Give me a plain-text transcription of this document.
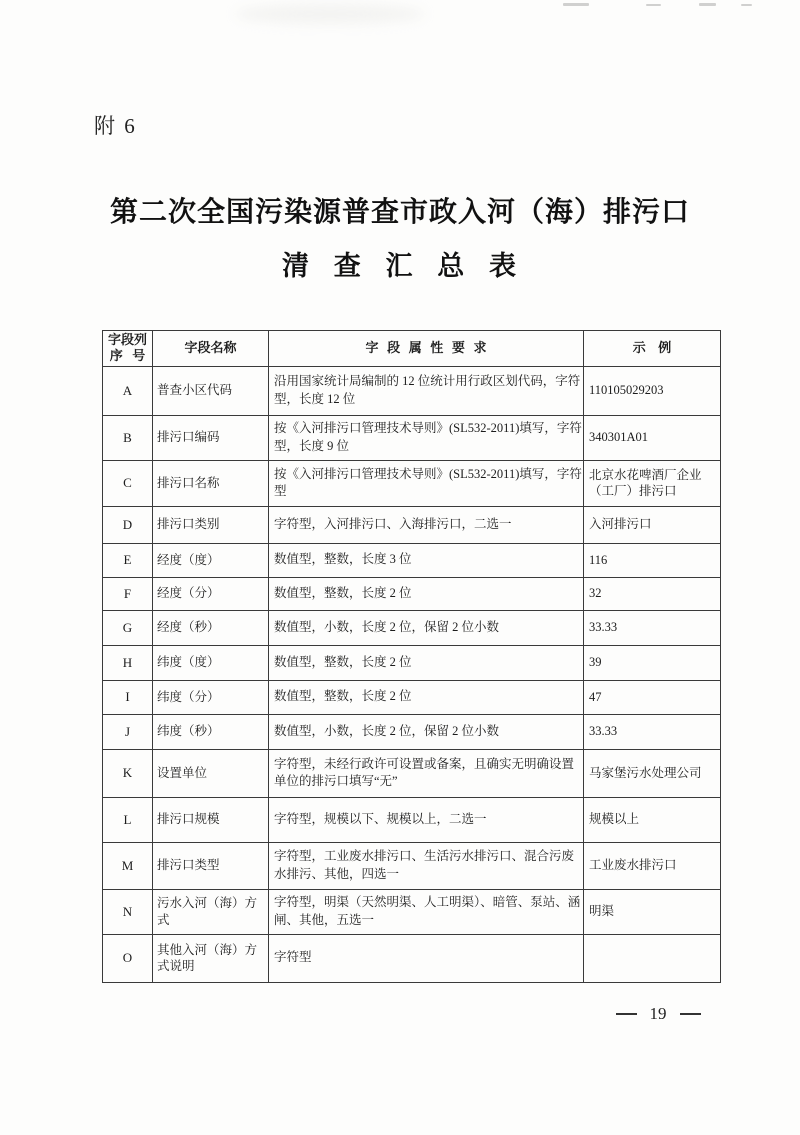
附 6
第二次全国污染源普查市政入河（海）排污口
清 查 汇 总 表
字段列
序 号	字段名称	字 段 属 性 要 求	示 例
A	普查小区代码	沿用国家统计局编制的 12 位统计用行政区划代码，字符型，长度 12 位	110105029203
B	排污口编码	按《入河排污口管理技术导则》(SL532-2011)填写，字符型，长度 9 位	340301A01
C	排污口名称	按《入河排污口管理技术导则》(SL532-2011)填写，字符型	北京水花啤酒厂企业（工厂）排污口
D	排污口类别	字符型，入河排污口、入海排污口，二选一	入河排污口
E	经度（度）	数值型，整数，长度 3 位	116
F	经度（分）	数值型，整数，长度 2 位	32
G	经度（秒）	数值型，小数，长度 2 位，保留 2 位小数	33.33
H	纬度（度）	数值型，整数，长度 2 位	39
I	纬度（分）	数值型，整数，长度 2 位	47
J	纬度（秒）	数值型，小数，长度 2 位，保留 2 位小数	33.33
K	设置单位	字符型，未经行政许可设置或备案，且确实无明确设置单位的排污口填写“无”	马家堡污水处理公司
L	排污口规模	字符型，规模以下、规模以上，二选一	规模以上
M	排污口类型	字符型，工业废水排污口、生活污水排污口、混合污废水排污、其他，四选一	工业废水排污口
N	污水入河（海）方式	字符型，明渠（天然明渠、人工明渠）、暗管、泵站、涵闸、其他，五选一	明渠
O	其他入河（海）方式说明	字符型	
19
